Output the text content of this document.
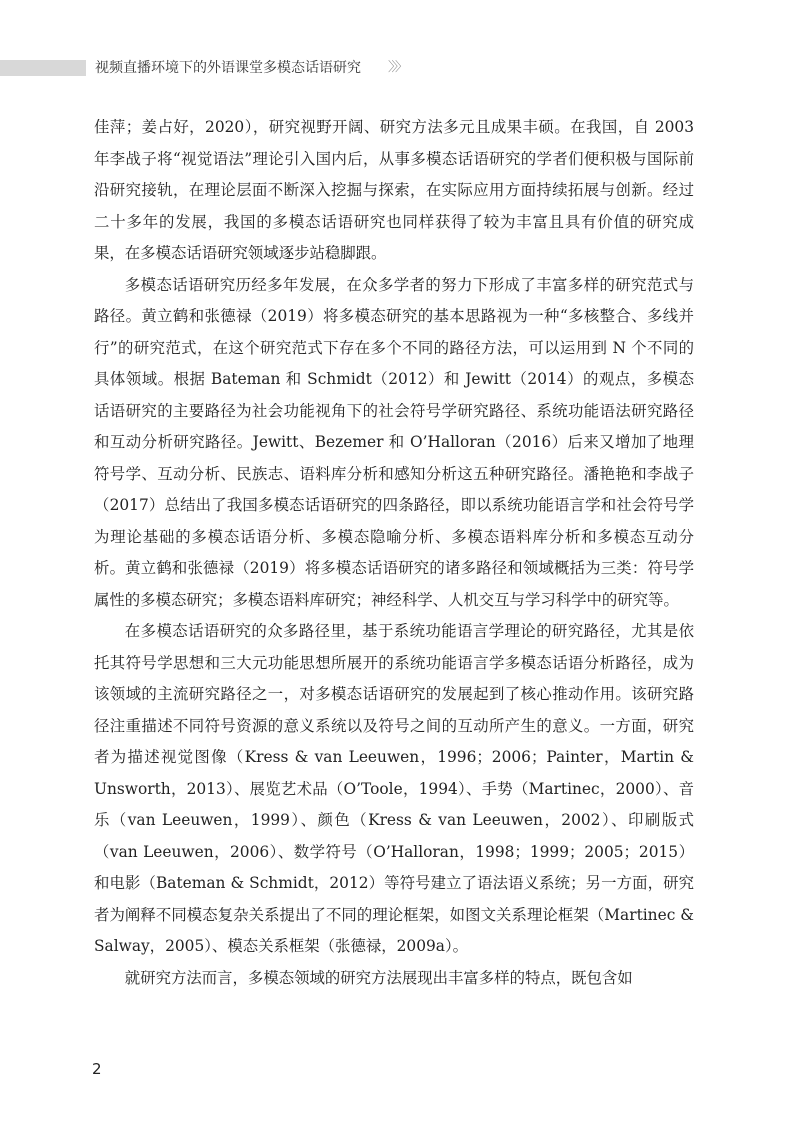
视频直播环境下的外语课堂多模态话语研究 〉〉〉

佳萍；姜占好，2020），研究视野开阔、研究方法多元且成果丰硕。在我国，自 2003 年李战子将“视觉语法”理论引入国内后，从事多模态话语研究的学者们便积极与国际前沿研究接轨，在理论层面不断深入挖掘与探索，在实际应用方面持续拓展与创新。经过二十多年的发展，我国的多模态话语研究也同样获得了较为丰富且具有价值的研究成果，在多模态话语研究领域逐步站稳脚跟。

多模态话语研究历经多年发展，在众多学者的努力下形成了丰富多样的研究范式与路径。黄立鹤和张德禄（2019）将多模态研究的基本思路视为一种“多核整合、多线并行”的研究范式，在这个研究范式下存在多个不同的路径方法，可以运用到 N 个不同的具体领域。根据 Bateman 和 Schmidt（2012）和 Jewitt（2014）的观点，多模态话语研究的主要路径为社会功能视角下的社会符号学研究路径、系统功能语法研究路径和互动分析研究路径。Jewitt、Bezemer 和 O’Halloran（2016）后来又增加了地理符号学、互动分析、民族志、语料库分析和感知分析这五种研究路径。潘艳艳和李战子（2017）总结出了我国多模态话语研究的四条路径，即以系统功能语言学和社会符号学为理论基础的多模态话语分析、多模态隐喻分析、多模态语料库分析和多模态互动分析。黄立鹤和张德禄（2019）将多模态话语研究的诸多路径和领域概括为三类：符号学属性的多模态研究；多模态语料库研究；神经科学、人机交互与学习科学中的研究等。

在多模态话语研究的众多路径里，基于系统功能语言学理论的研究路径，尤其是依托其符号学思想和三大元功能思想所展开的系统功能语言学多模态话语分析路径，成为该领域的主流研究路径之一，对多模态话语研究的发展起到了核心推动作用。该研究路径注重描述不同符号资源的意义系统以及符号之间的互动所产生的意义。一方面，研究者为描述视觉图像（Kress & van Leeuwen，1996；2006；Painter，Martin & Unsworth，2013）、展览艺术品（O’Toole，1994）、手势（Martinec，2000）、音乐（van Leeuwen，1999）、颜色（Kress & van Leeuwen，2002）、印刷版式（van Leeuwen，2006）、数学符号（O’Halloran，1998；1999；2005；2015）和电影（Bateman & Schmidt，2012）等符号建立了语法语义系统；另一方面，研究者为阐释不同模态复杂关系提出了不同的理论框架，如图文关系理论框架（Martinec & Salway，2005）、模态关系框架（张德禄，2009a）。

就研究方法而言，多模态领域的研究方法展现出丰富多样的特点，既包含如

2
